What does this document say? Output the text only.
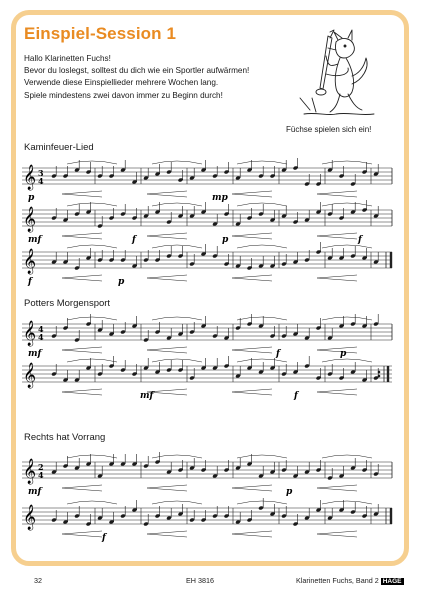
Einspiel-Session 1
Hallo Klarinetten Fuchs!
Bevor du loslegst, solltest du dich wie ein Sportler aufwärmen!
Verwende diese Einspiellieder mehrere Wochen lang.
Spiele mindestens zwei davon immer zu Beginn durch!
Füchse spielen sich ein!
Kaminfeuer-Lied
𝄞 3
4
p	mp
𝄞
mf	f	p	f
𝄞
f	p
Potters Morgensport
𝄞 4
4
mf	f	p
𝄞
mf	f
Rechts hat Vorrang
𝄞 2
4
mf	p
𝄞
f
32	EH 3816	Klarinetten Fuchs, Band 2 HAGE
